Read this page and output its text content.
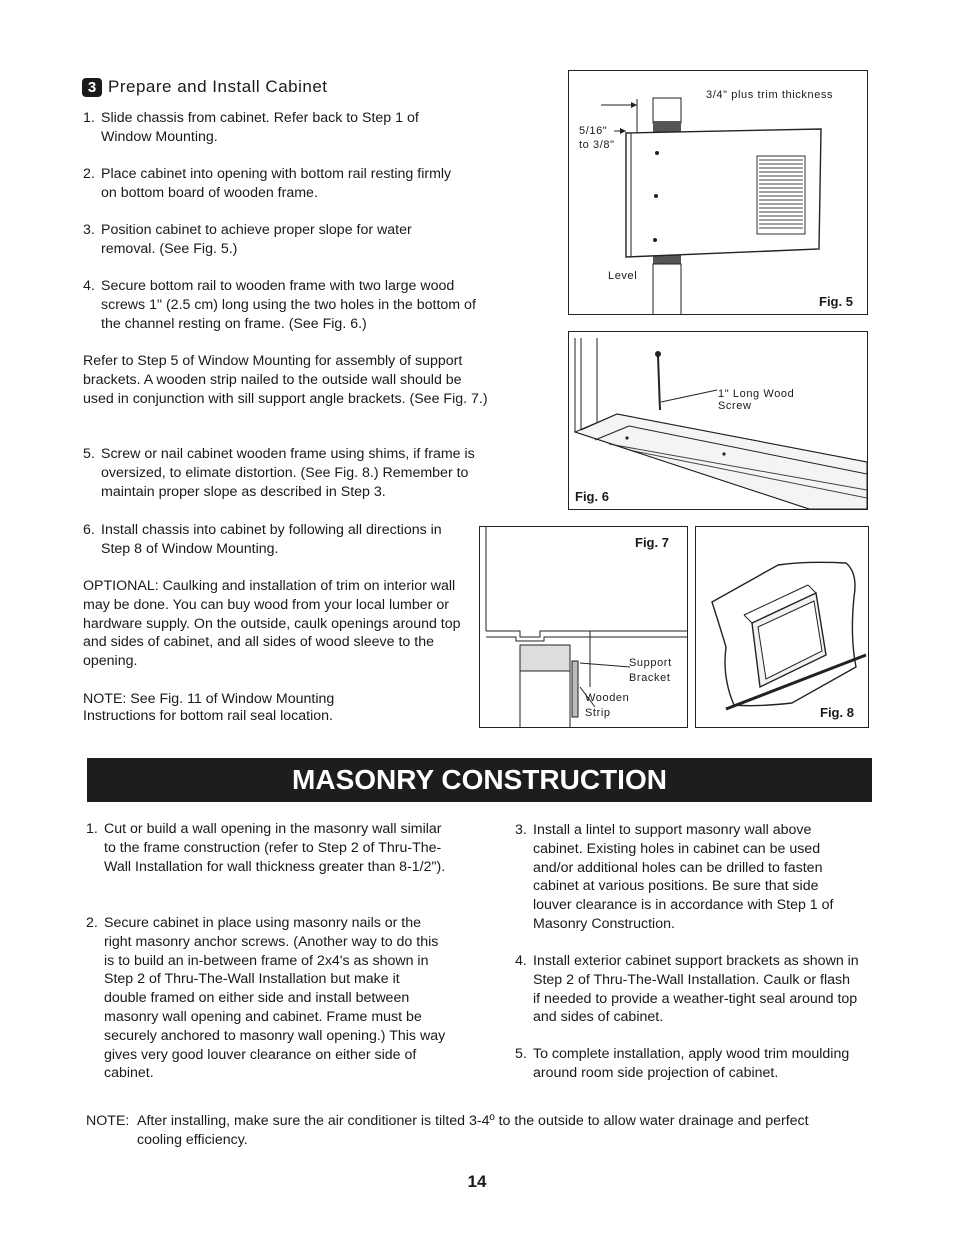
3 Prepare and Install Cabinet
1. Slide chassis from cabinet. Refer back to Step 1 of Window Mounting.
2. Place cabinet into opening with bottom rail resting firmly on bottom board of wooden frame.
3. Position cabinet to achieve proper slope for water removal. (See Fig. 5.)
4. Secure bottom rail to wooden frame with two large wood screws 1" (2.5 cm) long using the two holes in the bottom of the channel resting on frame. (See Fig. 6.)
Refer to Step 5 of Window Mounting for assembly of support brackets. A wooden strip nailed to the outside wall should be used in conjunction with sill support angle brackets. (See Fig. 7.)
5. Screw or nail cabinet wooden frame using shims, if frame is oversized, to elimate distortion. (See Fig. 8.) Remember to maintain proper slope as described in Step 3.
6. Install chassis into cabinet by following all directions in Step 8 of Window Mounting.
OPTIONAL: Caulking and installation of trim on interior wall may be done. You can buy wood from your local lumber or hardware supply. On the outside, caulk openings around top and sides of cabinet, and all sides of wood sleeve to the opening.
NOTE: See Fig. 11 of Window Mounting Instructions for bottom rail seal location.
3/4" plus trim thickness
5/16"
to 3/8"
Level
Fig. 5
1" Long Wood
Screw
Fig. 6
Fig. 7
Support
Bracket
Wooden
Strip	Fig. 8
MASONRY CONSTRUCTION
1. Cut or build a wall opening in the masonry wall similar to the frame construction (refer to Step 2 of Thru-The-Wall Installation for wall thickness greater than 8-1/2").
2. Secure cabinet in place using masonry nails or the right masonry anchor screws. (Another way to do this is to build an in-between frame of 2x4's as shown in Step 2 of Thru-The-Wall Installation but make it double framed on either side and install between masonry wall opening and cabinet. Frame must be securely anchored to masonry wall opening.) This way gives very good louver clearance on either side of cabinet.
3. Install a lintel to support masonry wall above cabinet. Existing holes in cabinet can be used and/or additional holes can be drilled to fasten cabinet at various positions. Be sure that side louver clearance is in accordance with Step 1 of Masonry Construction.
4. Install exterior cabinet support brackets as shown in Step 2 of Thru-The-Wall Installation. Caulk or flash if needed to provide a weather-tight seal around top and sides of cabinet.
5. To complete installation, apply wood trim moulding around room side projection of cabinet.
NOTE: After installing, make sure the air conditioner is tilted 3-4º to the outside to allow water drainage and perfect cooling efficiency.
14
